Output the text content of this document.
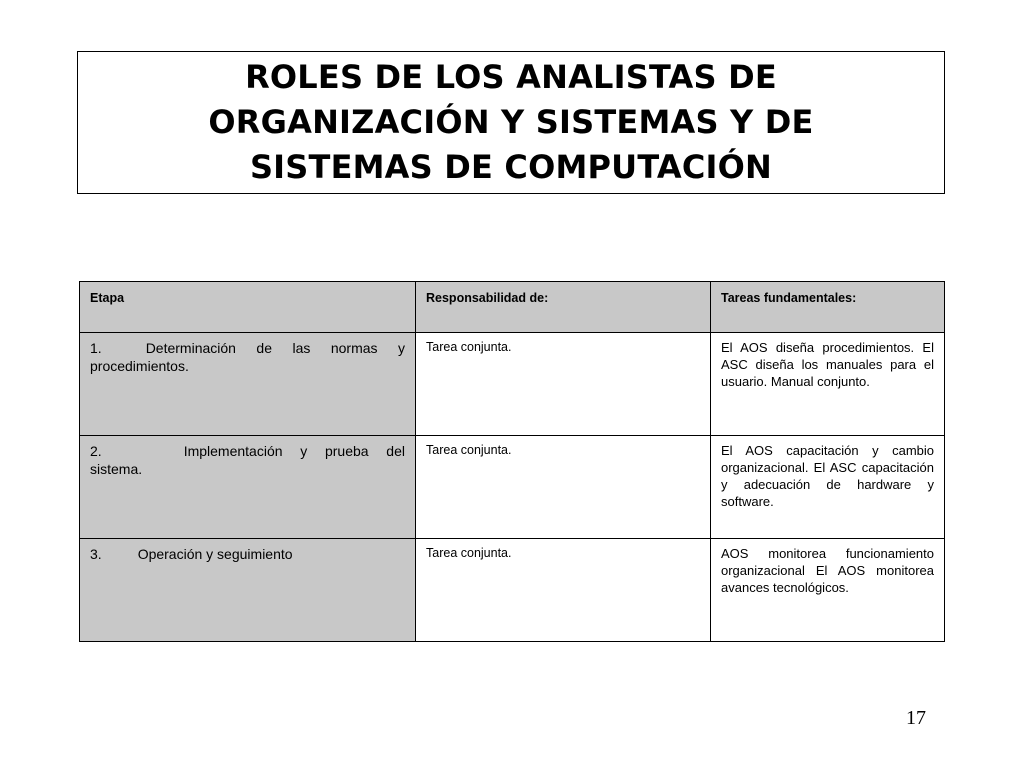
ROLES DE LOS ANALISTAS DE
ORGANIZACIÓN Y SISTEMAS Y DE
SISTEMAS DE COMPUTACIÓN
Etapa	Responsabilidad de:	Tareas fundamentales:
1. Determinación de las normas y procedimientos.	Tarea conjunta.	El AOS diseña procedimientos. El ASC diseña los manuales para el usuario. Manual conjunto.
2. Implementación y prueba del sistema.	Tarea conjunta.	El AOS capacitación y cambio organizacional. El ASC capacitación y adecuación de hardware y software.
3. Operación y seguimiento	Tarea conjunta.	AOS monitorea funcionamiento organizacional El AOS monitorea avances tecnológicos.
17
